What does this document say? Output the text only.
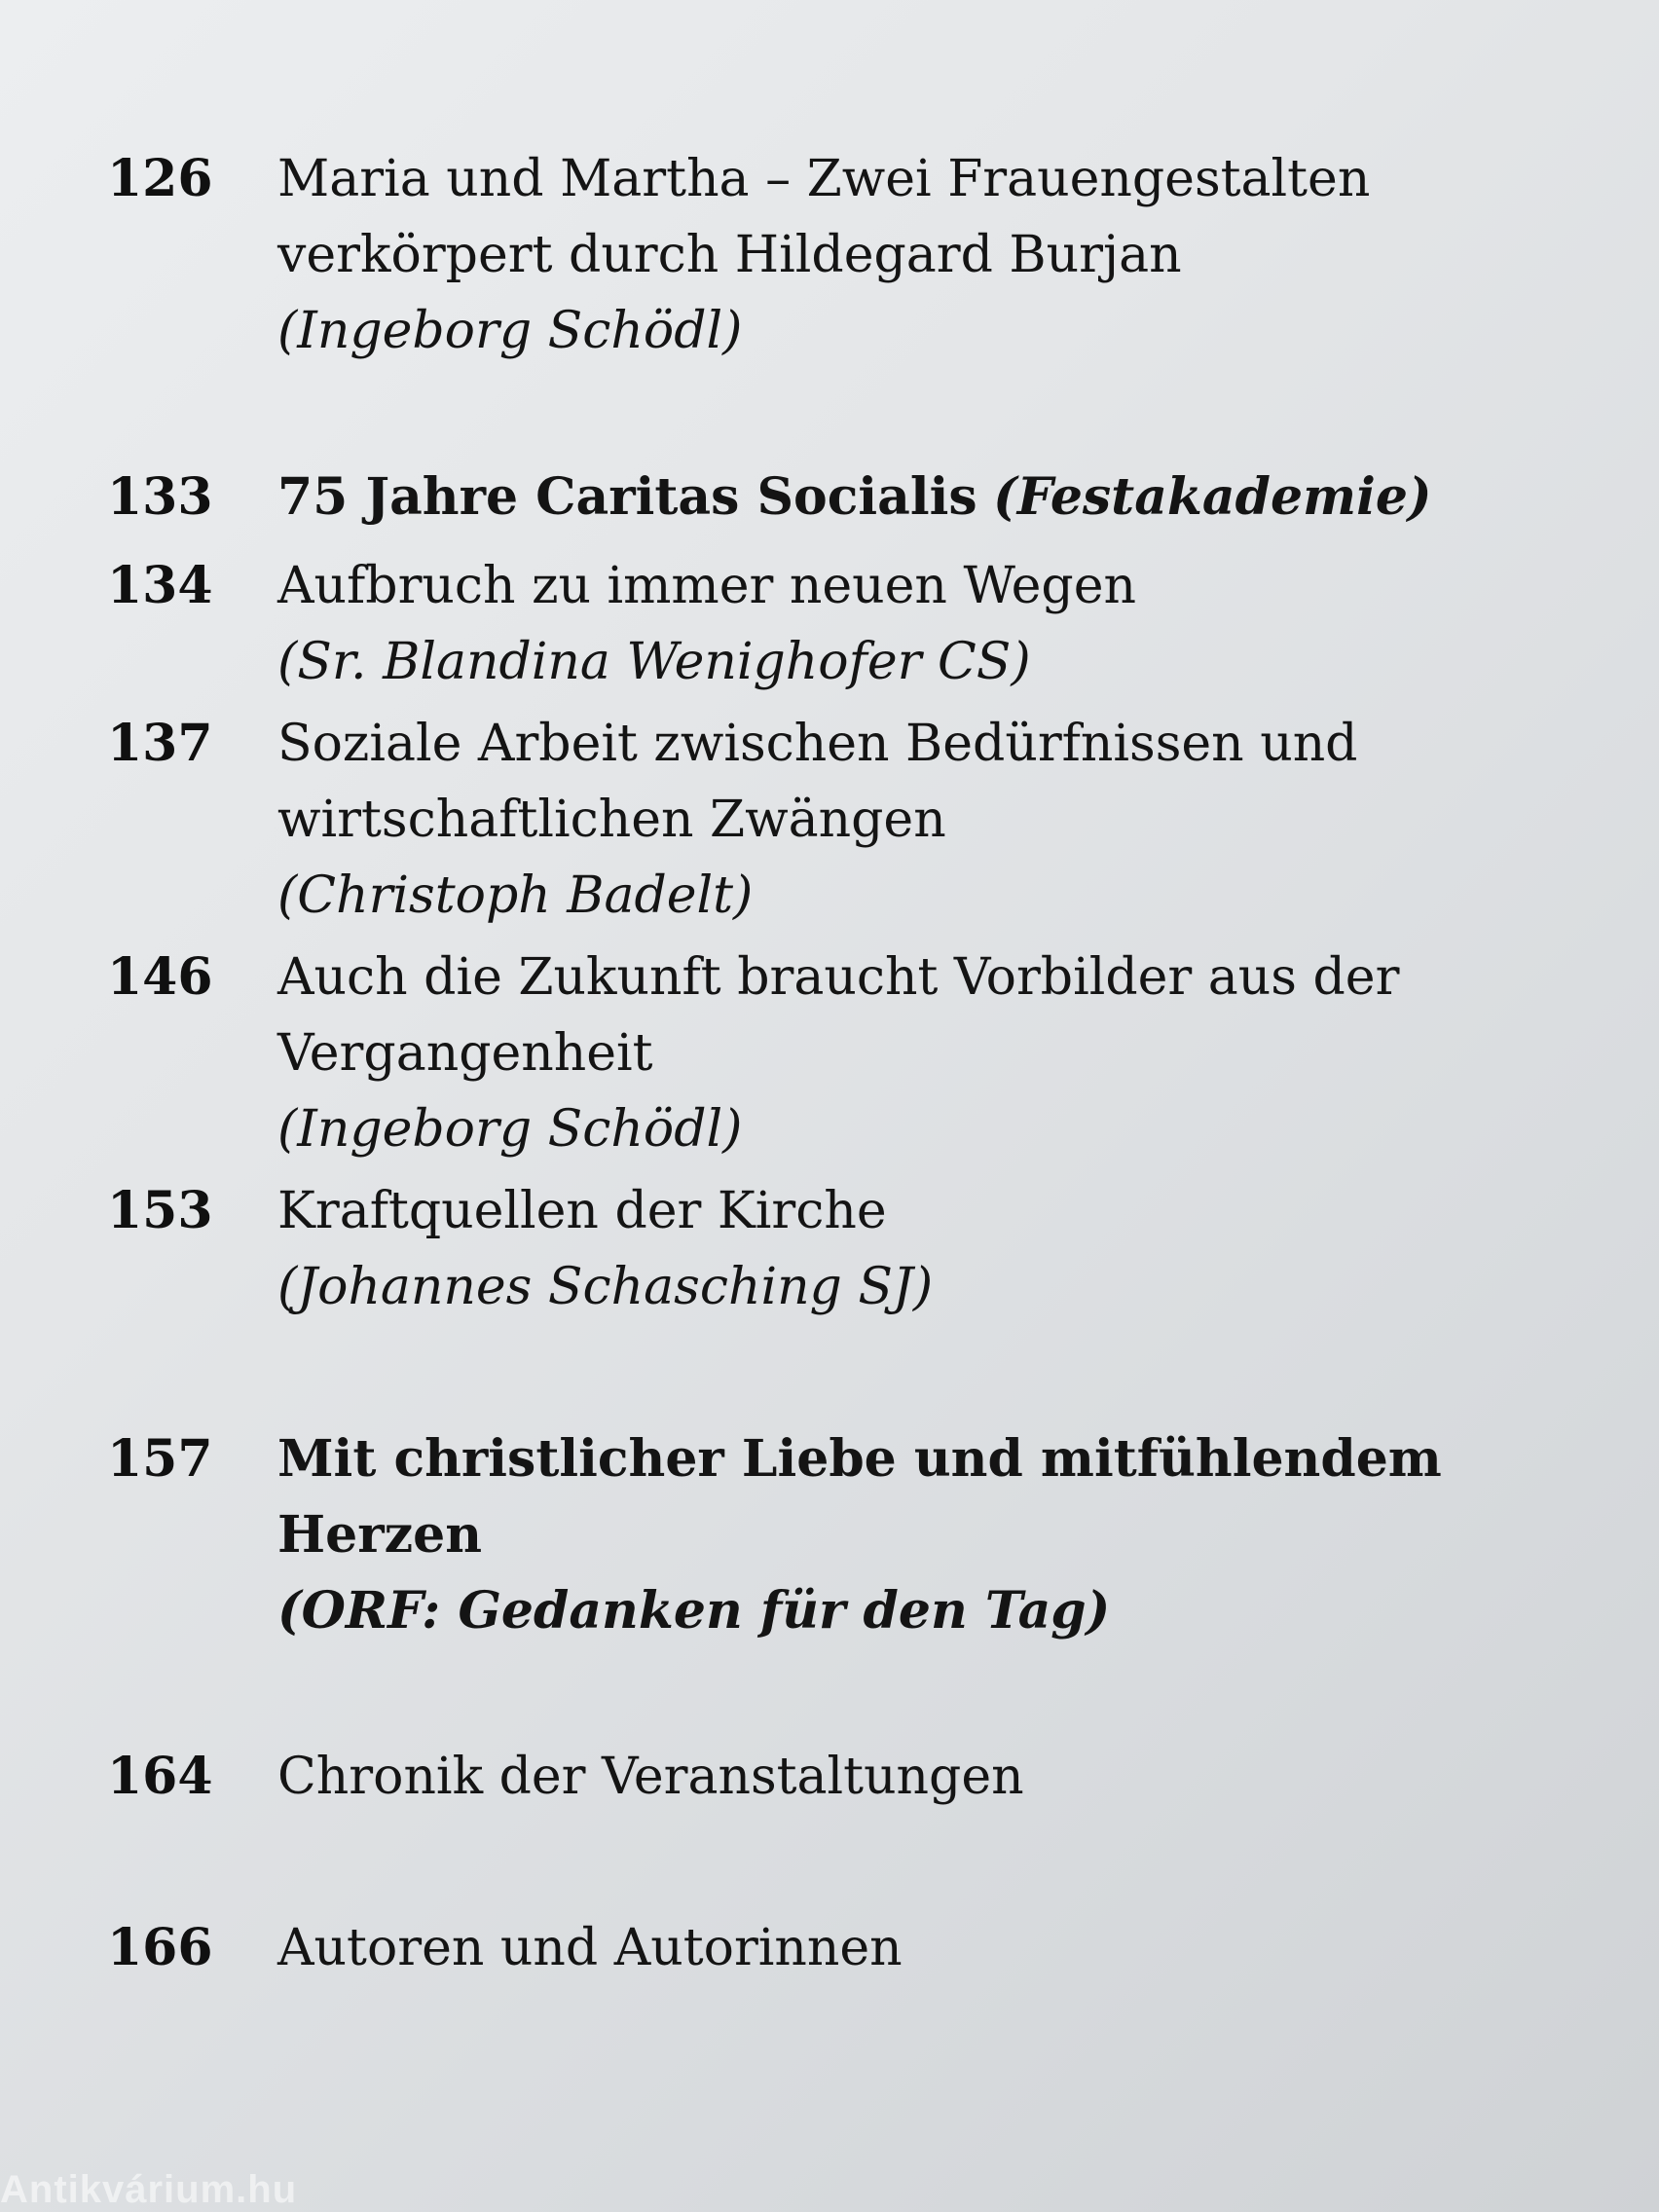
126	Maria und Martha – Zwei Frauengestalten
verkörpert durch Hildegard Burjan
(Ingeborg Schödl)
133	75 Jahre Caritas Socialis (Festakademie)
134	Aufbruch zu immer neuen Wegen
(Sr. Blandina Wenighofer CS)
137	Soziale Arbeit zwischen Bedürfnissen und
wirtschaftlichen Zwängen
(Christoph Badelt)
146	Auch die Zukunft braucht Vorbilder aus der
Vergangenheit
(Ingeborg Schödl)
153	Kraftquellen der Kirche
(Johannes Schasching SJ)
157	Mit christlicher Liebe und mitfühlendem
Herzen
(ORF: Gedanken für den Tag)
164	Chronik der Veranstaltungen
166	Autoren und Autorinnen
Antikvárium.hu
